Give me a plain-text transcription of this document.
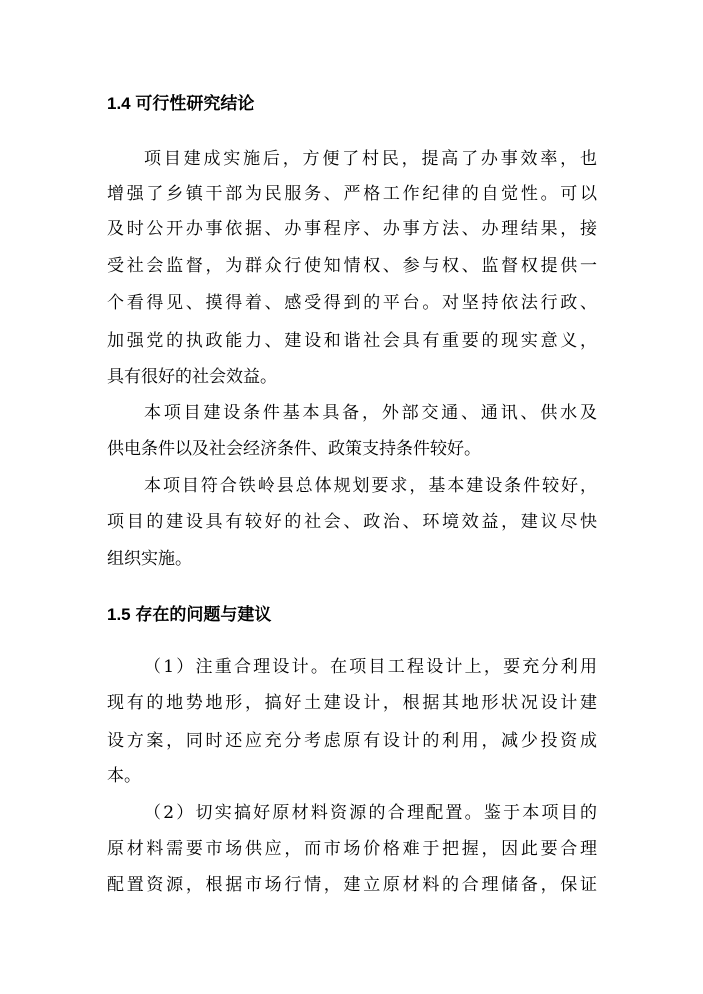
1.4 可行性研究结论

项目建成实施后，方便了村民，提高了办事效率，也

增强了乡镇干部为民服务、严格工作纪律的自觉性。可以

及时公开办事依据、办事程序、办事方法、办理结果，接

受社会监督，为群众行使知情权、参与权、监督权提供一

个看得见、摸得着、感受得到的平台。对坚持依法行政、

加强党的执政能力、建设和谐社会具有重要的现实意义，

具有很好的社会效益。

本项目建设条件基本具备，外部交通、通讯、供水及

供电条件以及社会经济条件、政策支持条件较好。

本项目符合铁岭县总体规划要求，基本建设条件较好，

项目的建设具有较好的社会、政治、环境效益，建议尽快

组织实施。

1.5 存在的问题与建议

（1）注重合理设计。在项目工程设计上，要充分利用

现有的地势地形，搞好土建设计，根据其地形状况设计建

设方案，同时还应充分考虑原有设计的利用，减少投资成

本。

（2）切实搞好原材料资源的合理配置。鉴于本项目的

原材料需要市场供应，而市场价格难于把握，因此要合理

配置资源，根据市场行情，建立原材料的合理储备，保证
